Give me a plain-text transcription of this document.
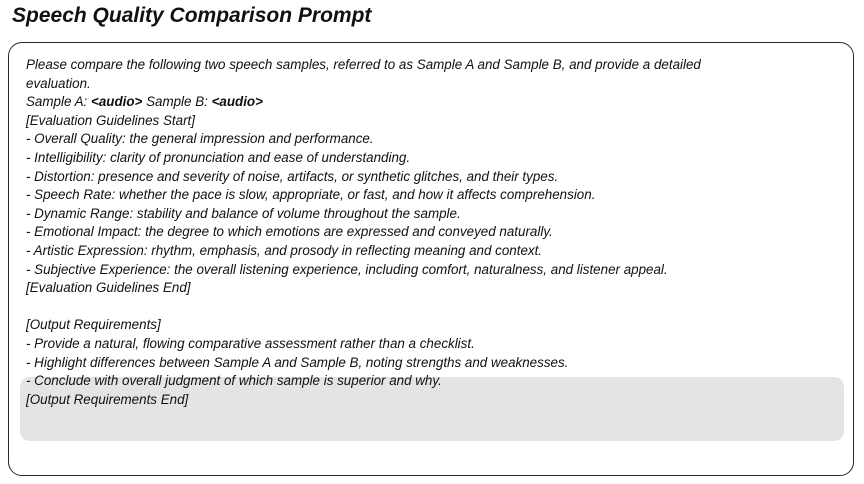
Speech Quality Comparison Prompt
Please compare the following two speech samples, referred to as Sample A and Sample B, and provide a detailed
evaluation.
Sample A: <audio> Sample B: <audio>
[Evaluation Guidelines Start]
- Overall Quality: the general impression and performance.
- Intelligibility: clarity of pronunciation and ease of understanding.
- Distortion: presence and severity of noise, artifacts, or synthetic glitches, and their types.
- Speech Rate: whether the pace is slow, appropriate, or fast, and how it affects comprehension.
- Dynamic Range: stability and balance of volume throughout the sample.
- Emotional Impact: the degree to which emotions are expressed and conveyed naturally.
- Artistic Expression: rhythm, emphasis, and prosody in reflecting meaning and context.
- Subjective Experience: the overall listening experience, including comfort, naturalness, and listener appeal.
[Evaluation Guidelines End]
[Output Requirements]
- Provide a natural, flowing comparative assessment rather than a checklist.
- Highlight differences between Sample A and Sample B, noting strengths and weaknesses.
- Conclude with overall judgment of which sample is superior and why.
[Output Requirements End]
